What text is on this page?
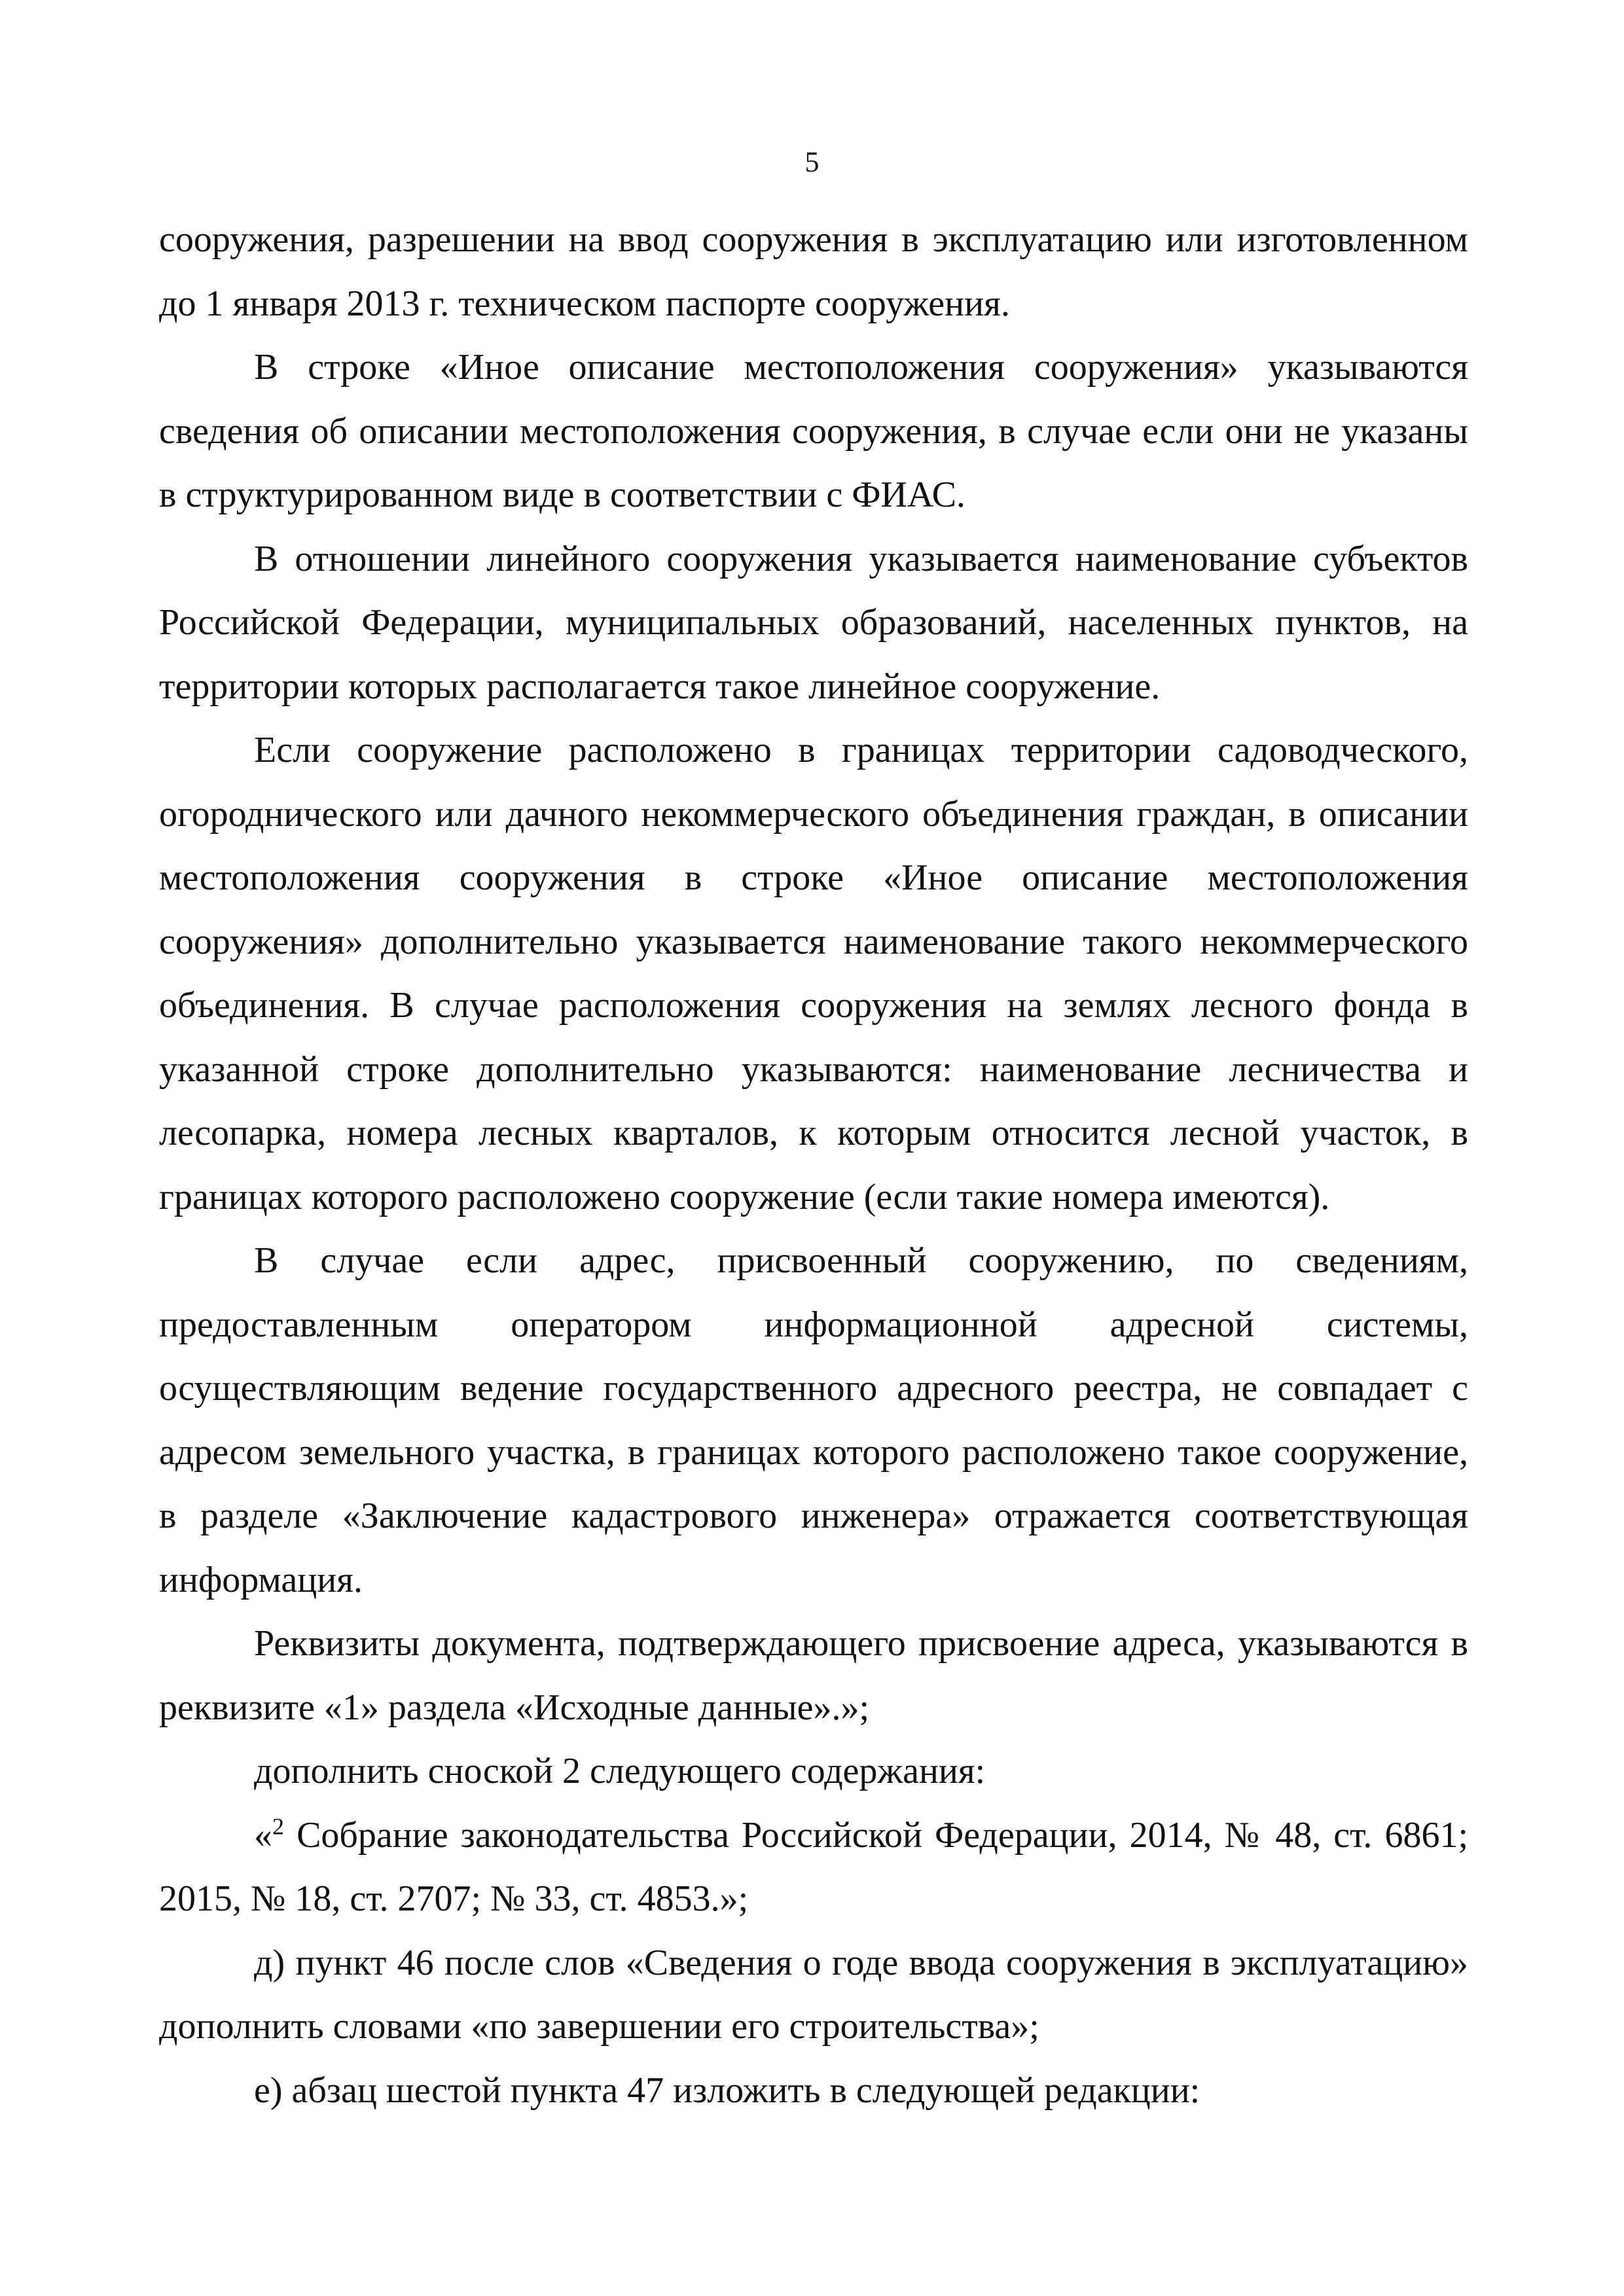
5

сооружения, разрешении на ввод сооружения в эксплуатацию или изготовленном до 1 января 2013 г. техническом паспорте сооружения.

В строке «Иное описание местоположения сооружения» указываются сведения об описании местоположения сооружения, в случае если они не указаны в структурированном виде в соответствии с ФИАС.

В отношении линейного сооружения указывается наименование субъектов Российской Федерации, муниципальных образований, населенных пунктов, на территории которых располагается такое линейное сооружение.

Если сооружение расположено в границах территории садоводческого, огороднического или дачного некоммерческого объединения граждан, в описании местоположения сооружения в строке «Иное описание местоположения сооружения» дополнительно указывается наименование такого некоммерческого объединения. В случае расположения сооружения на землях лесного фонда в указанной строке дополнительно указываются: наименование лесничества и лесопарка, номера лесных кварталов, к которым относится лесной участок, в границах которого расположено сооружение (если такие номера имеются).

В случае если адрес, присвоенный сооружению, по сведениям, предоставленным оператором информационной адресной системы, осуществляющим ведение государственного адресного реестра, не совпадает с адресом земельного участка, в границах которого расположено такое сооружение, в разделе «Заключение кадастрового инженера» отражается соответствующая информация.

Реквизиты документа, подтверждающего присвоение адреса, указываются в реквизите «1» раздела «Исходные данные».»;

дополнить сноской 2 следующего содержания:

«$^2$ Собрание законодательства Российской Федерации, 2014, № 48, ст. 6861; 2015, № 18, ст. 2707; № 33, ст. 4853.»;

д) пункт 46 после слов «Сведения о годе ввода сооружения в эксплуатацию» дополнить словами «по завершении его строительства»;

е) абзац шестой пункта 47 изложить в следующей редакции:
